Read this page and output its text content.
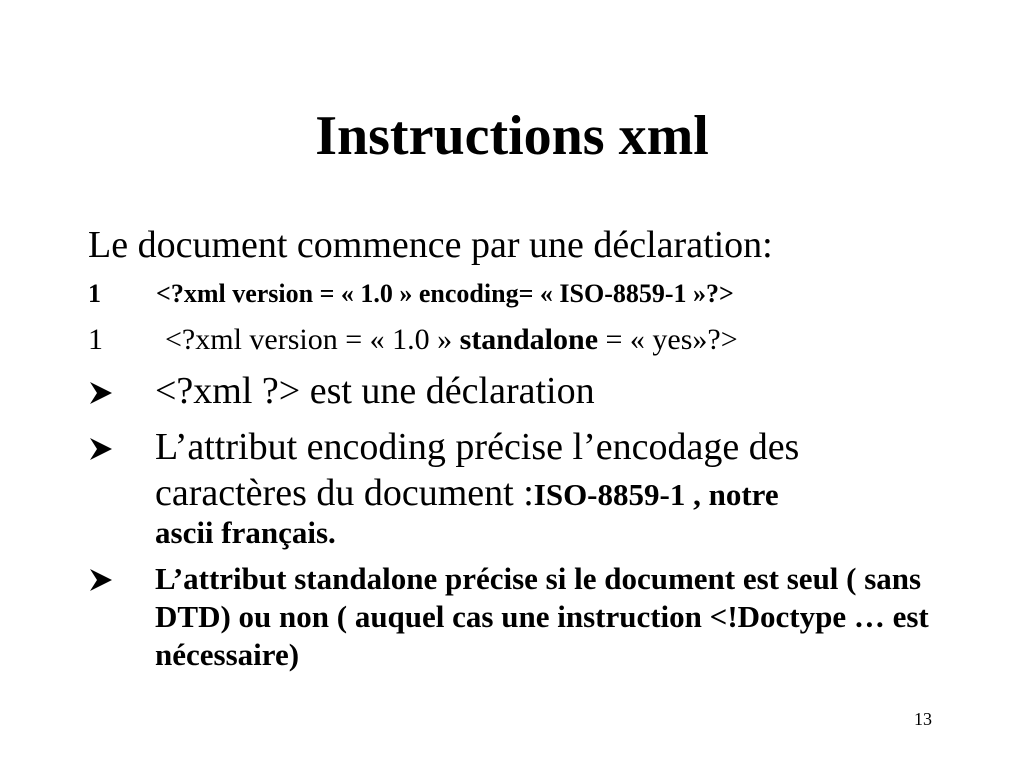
Instructions xml
Le document commence par une déclaration:
1 <?xml version = « 1.0 » encoding= « ISO-8859-1 »?>
1 <?xml version = « 1.0 » standalone = « yes»?>
<?xml ?> est une déclaration
L’attribut encoding précise l’encodage des
caractères du document :ISO-8859-1 , notre
ascii français.
L’attribut standalone précise si le document est seul ( sans DTD) ou non ( auquel cas une instruction <!Doctype … est nécessaire)
13
